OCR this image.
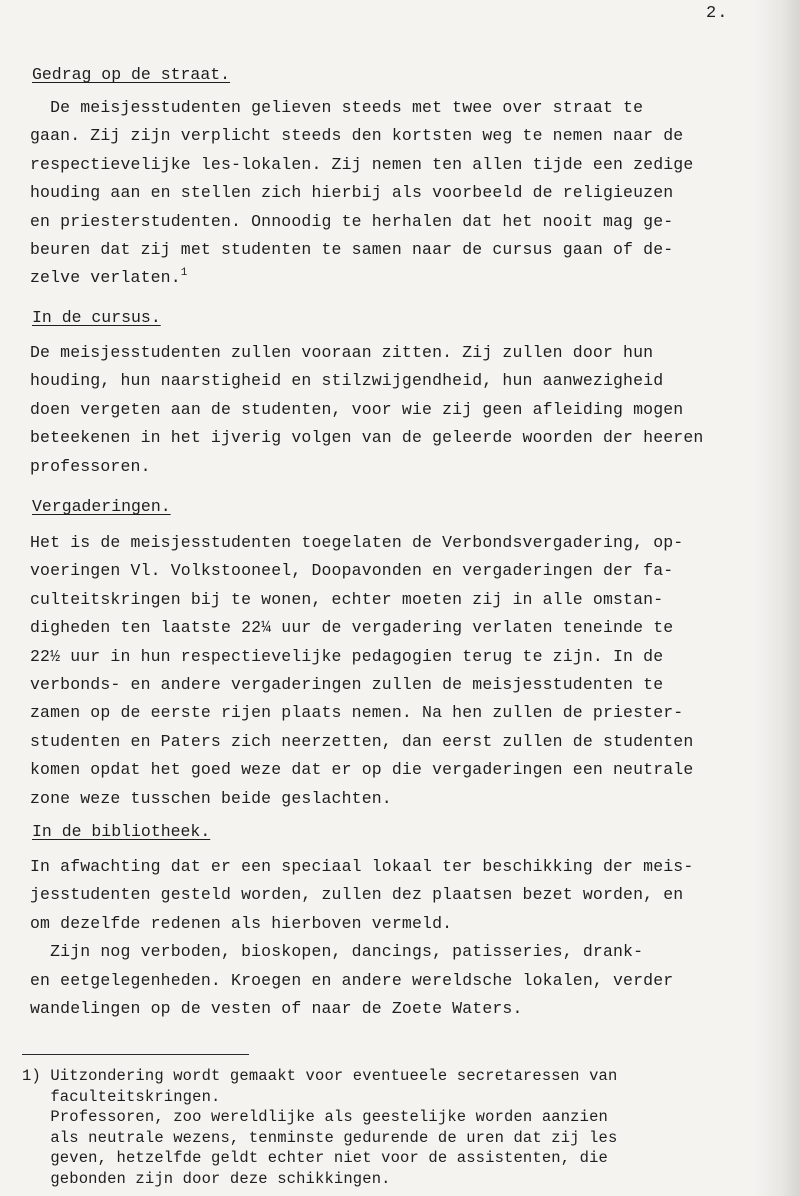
2.
Gedrag op de straat.
De meisjesstudenten gelieven steeds met twee over straat te
gaan. Zij zijn verplicht steeds den kortsten weg te nemen naar de
respectievelijke les-lokalen. Zij nemen ten allen tijde een zedige
houding aan en stellen zich hierbij als voorbeeld de religieuzen
en priesterstudenten. Onnoodig te herhalen dat het nooit mag ge-
beuren dat zij met studenten te samen naar de cursus gaan of de-
zelve verlaten.$^1$
In de cursus.
De meisjesstudenten zullen vooraan zitten. Zij zullen door hun
houding, hun naarstigheid en stilzwijgendheid, hun aanwezigheid
doen vergeten aan de studenten, voor wie zij geen afleiding mogen
beteekenen in het ijverig volgen van de geleerde woorden der heeren
professoren.
Vergaderingen.
Het is de meisjesstudenten toegelaten de Verbondsvergadering, op-
voeringen Vl. Volkstooneel, Doopavonden en vergaderingen der fa-
culteitskringen bij te wonen, echter moeten zij in alle omstan-
digheden ten laatste 22¼ uur de vergadering verlaten teneinde te
22½ uur in hun respectievelijke pedagogien terug te zijn. In de
verbonds- en andere vergaderingen zullen de meisjesstudenten te
zamen op de eerste rijen plaats nemen. Na hen zullen de priester-
studenten en Paters zich neerzetten, dan eerst zullen de studenten
komen opdat het goed weze dat er op die vergaderingen een neutrale
zone weze tusschen beide geslachten.
In de bibliotheek.
In afwachting dat er een speciaal lokaal ter beschikking der meis-
jesstudenten gesteld worden, zullen dez plaatsen bezet worden, en
om dezelfde redenen als hierboven vermeld.
Zijn nog verboden, bioskopen, dancings, patisseries, drank-
en eetgelegenheden. Kroegen en andere wereldsche lokalen, verder
wandelingen op de vesten of naar de Zoete Waters.
1) Uitzondering wordt gemaakt voor eventueele secretaressen van
faculteitskringen.
Professoren, zoo wereldlijke als geestelijke worden aanzien
als neutrale wezens, tenminste gedurende de uren dat zij les
geven, hetzelfde geldt echter niet voor de assistenten, die
gebonden zijn door deze schikkingen.
